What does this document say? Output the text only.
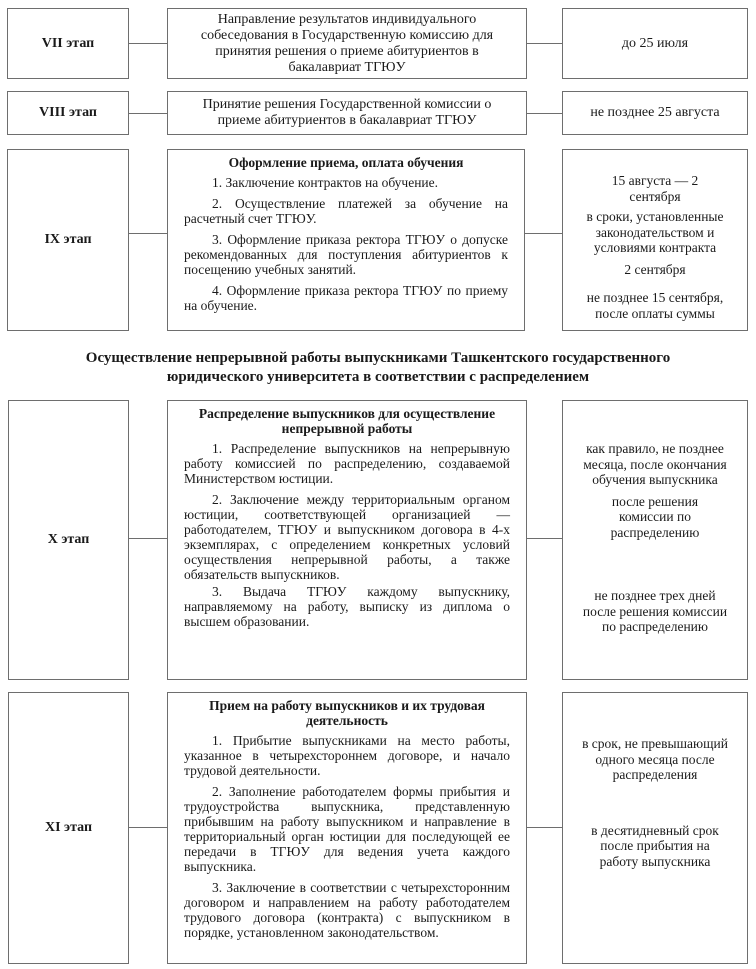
VII этап
Направление результатов индивидуального собеседования в Государственную комиссию для принятия решения о приеме абитуриентов в бакалавриат ТГЮУ
до 25 июля
VIII этап
Принятие решения Государственной комиссии о приеме абитуриентов в бакалавриат ТГЮУ
не позднее 25 августа
IX этап
Оформление приема, оплата обучения

1. Заключение контрактов на обучение.

2. Осуществление платежей за обучение на расчетный счет ТГЮУ.

3. Оформление приказа ректора ТГЮУ о допуске рекомендованных для поступления абитуриентов к посещению учебных занятий.

4. Оформление приказа ректора ТГЮУ по приему на обучение.

15 августа — 2 сентября

в сроки, установленные законодательством и условиями контракта

2 сентября

не позднее 15 сентября, после оплаты суммы

Осуществление непрерывной работы выпускниками Ташкентского государственного юридического университета в соответствии с распределением
X этап
Распределение выпускников для осуществление непрерывной работы

1. Распределение выпускников на непрерывную работу комиссией по распределению, создаваемой Министерством юстиции.

2. Заключение между территориальным органом юстиции, соответствующей организацией — работодателем, ТГЮУ и выпускником договора в 4-х экземплярах, с определением конкретных условий осуществления непрерывной работы, а также обязательств выпускников.

3. Выдача ТГЮУ каждому выпускнику, направляемому на работу, выписку из диплома о высшем образовании.

как правило, не позднее месяца, после окончания обучения выпускника

после решения комиссии по распределению

не позднее трех дней после решения комиссии по распределению

XI этап
Прием на работу выпускников и их трудовая деятельность

1. Прибытие выпускниками на место работы, указанное в четырехстороннем договоре, и начало трудовой деятельности.

2. Заполнение работодателем формы прибытия и трудоустройства выпускника, представленную прибывшим на работу выпускником и направление в территориальный орган юстиции для последующей ее передачи в ТГЮУ для ведения учета каждого выпускника.

3. Заключение в соответствии с четырехсторонним договором и направлением на работу работодателем трудового договора (контракта) с выпускником в порядке, установленном законодательством.

в срок, не превышающий одного месяца после распределения

в десятидневный срок после прибытия на работу выпускника
